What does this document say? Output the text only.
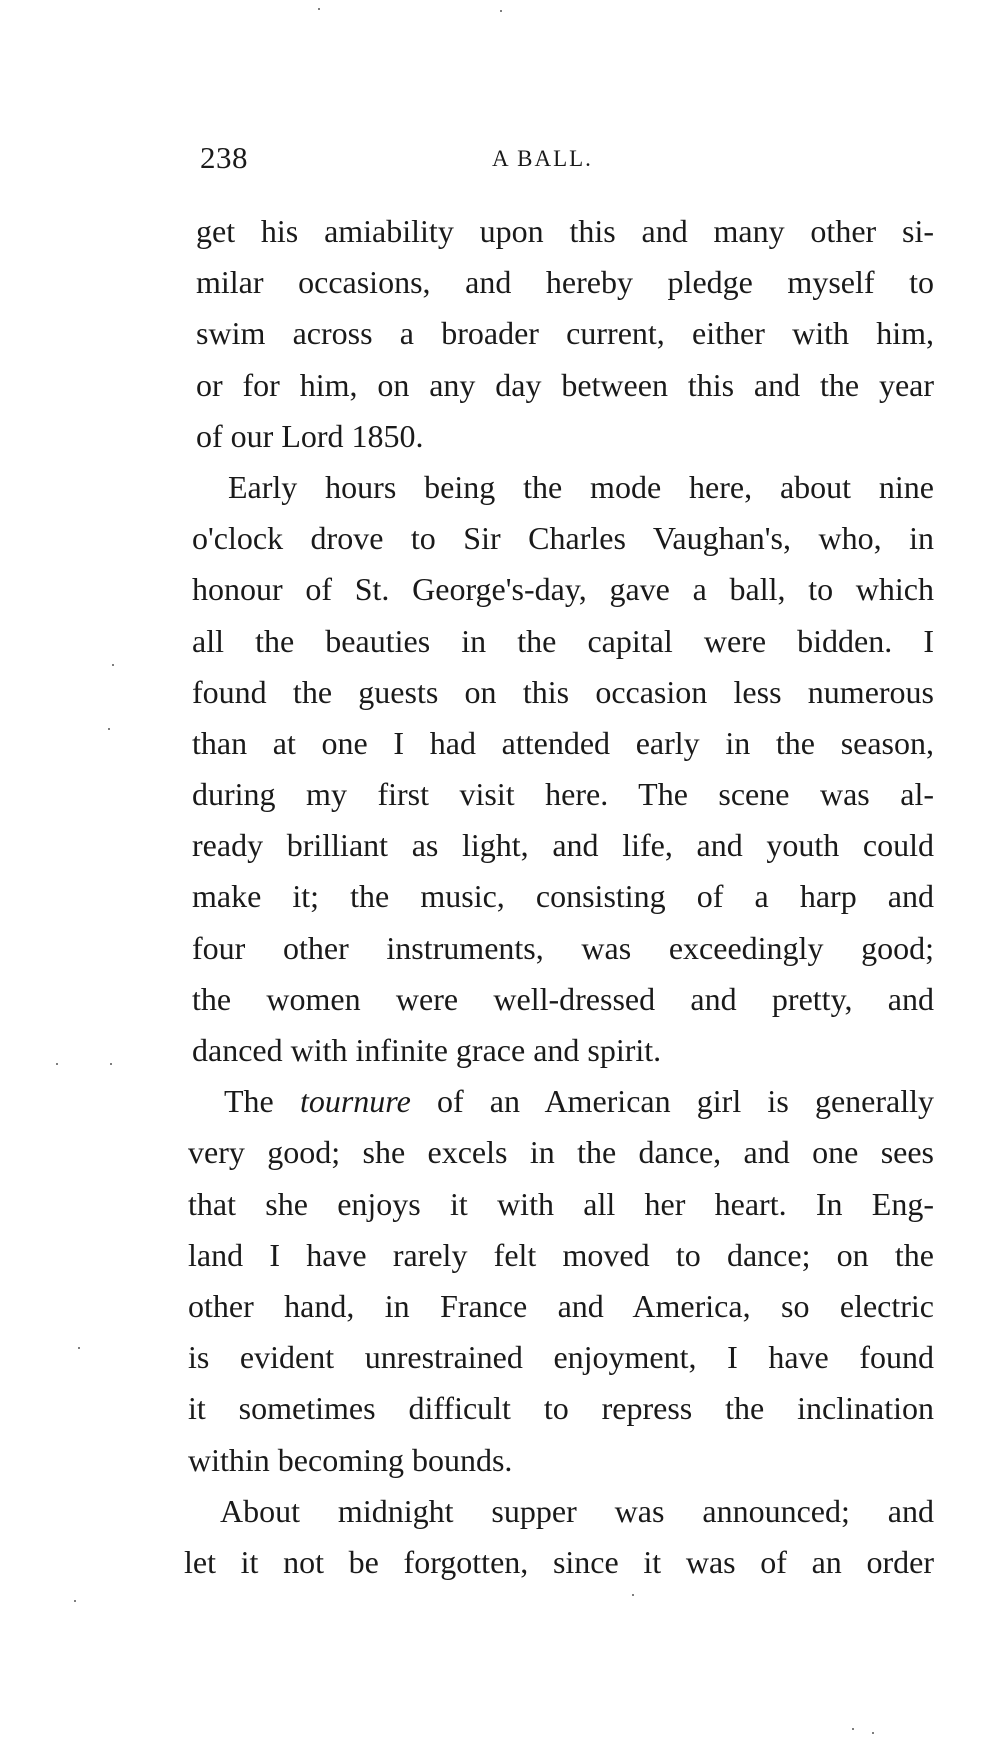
238	A BALL.

get his amiability upon this and many other si-
milar occasions, and hereby pledge myself to
swim across a broader current, either with him,
or for him, on any day between this and the year
of our Lord 1850.

Early hours being the mode here, about nine
o'clock drove to Sir Charles Vaughan's, who, in
honour of St. George's-day, gave a ball, to which
all the beauties in the capital were bidden. I
found the guests on this occasion less numerous
than at one I had attended early in the season,
during my first visit here. The scene was al-
ready brilliant as light, and life, and youth could
make it; the music, consisting of a harp and
four other instruments, was exceedingly good;
the women were well-dressed and pretty, and
danced with infinite grace and spirit.

The tournure of an American girl is generally
very good; she excels in the dance, and one sees
that she enjoys it with all her heart. In Eng-
land I have rarely felt moved to dance; on the
other hand, in France and America, so electric
is evident unrestrained enjoyment, I have found
it sometimes difficult to repress the inclination
within becoming bounds.

About midnight supper was announced; and
let it not be forgotten, since it was of an order
